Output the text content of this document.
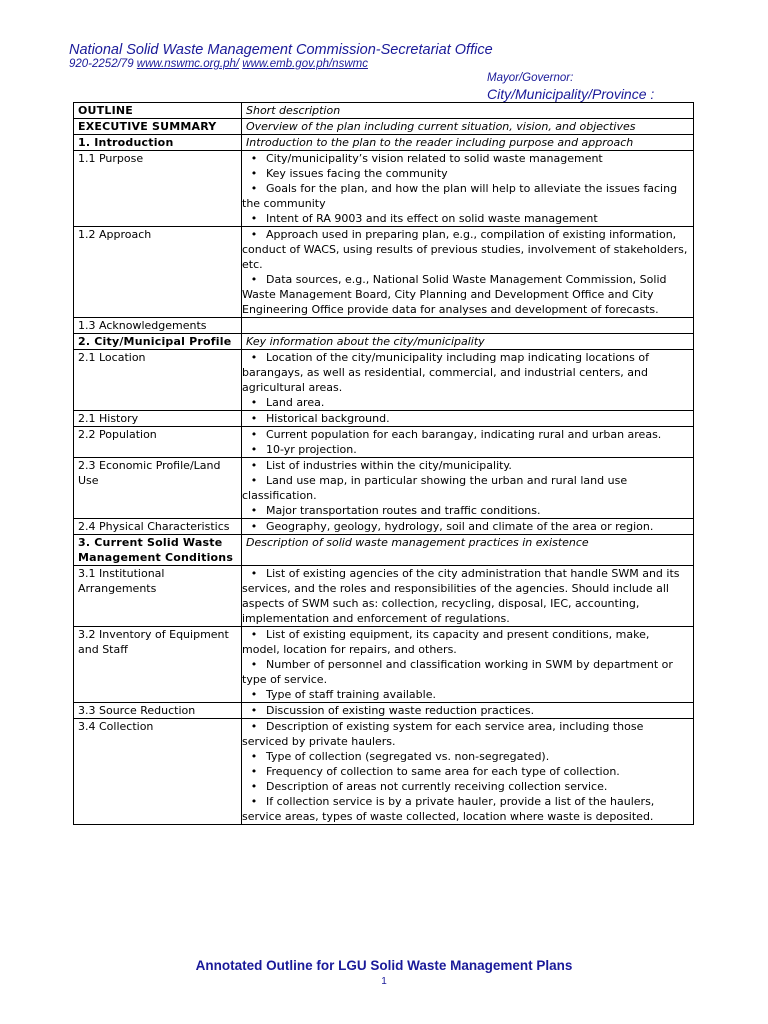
National Solid Waste Management Commission-Secretariat Office
920-2252/79 www.nswmc.org.ph/ www.emb.gov.ph/nswmc
Mayor/Governor:
City/Municipality/Province :
OUTLINE	Short description
EXECUTIVE SUMMARY	Overview of the plan including current situation, vision, and objectives
1. Introduction	Introduction to the plan to the reader including purpose and approach
1.1 Purpose	• City/municipality’s vision related to solid waste management
• Key issues facing the community
• Goals for the plan, and how the plan will help to alleviate the issues facing the community
• Intent of RA 9003 and its effect on solid waste management

1.2 Approach	• Approach used in preparing plan, e.g., compilation of existing information, conduct of WACS, using results of previous studies, involvement of stakeholders, etc.
• Data sources, e.g., National Solid Waste Management Commission, Solid Waste Management Board, City Planning and Development Office and City Engineering Office provide data for analyses and development of forecasts.

1.3 Acknowledgements	
2. City/Municipal Profile	Key information about the city/municipality
2.1 Location	• Location of the city/municipality including map indicating locations of barangays, as well as residential, commercial, and industrial centers, and agricultural areas.
• Land area.

2.1 History	• Historical background.

2.2 Population	• Current population for each barangay, indicating rural and urban areas.
• 10-yr projection.

2.3 Economic Profile/Land Use	• List of industries within the city/municipality.
• Land use map, in particular showing the urban and rural land use classification.
• Major transportation routes and traffic conditions.

2.4 Physical Characteristics	• Geography, geology, hydrology, soil and climate of the area or region.

3. Current Solid Waste Management Conditions	Description of solid waste management practices in existence
3.1 Institutional Arrangements	• List of existing agencies of the city administration that handle SWM and its services, and the roles and responsibilities of the agencies. Should include all aspects of SWM such as: collection, recycling, disposal, IEC, accounting, implementation and enforcement of regulations.

3.2 Inventory of Equipment and Staff	• List of existing equipment, its capacity and present conditions, make, model, location for repairs, and others.
• Number of personnel and classification working in SWM by department or type of service.
• Type of staff training available.

3.3 Source Reduction	• Discussion of existing waste reduction practices.

3.4 Collection	• Description of existing system for each service area, including those serviced by private haulers.
• Type of collection (segregated vs. non-segregated).
• Frequency of collection to same area for each type of collection.
• Description of areas not currently receiving collection service.
• If collection service is by a private hauler, provide a list of the haulers, service areas, types of waste collected, location where waste is deposited.
Annotated Outline for LGU Solid Waste Management Plans
1
